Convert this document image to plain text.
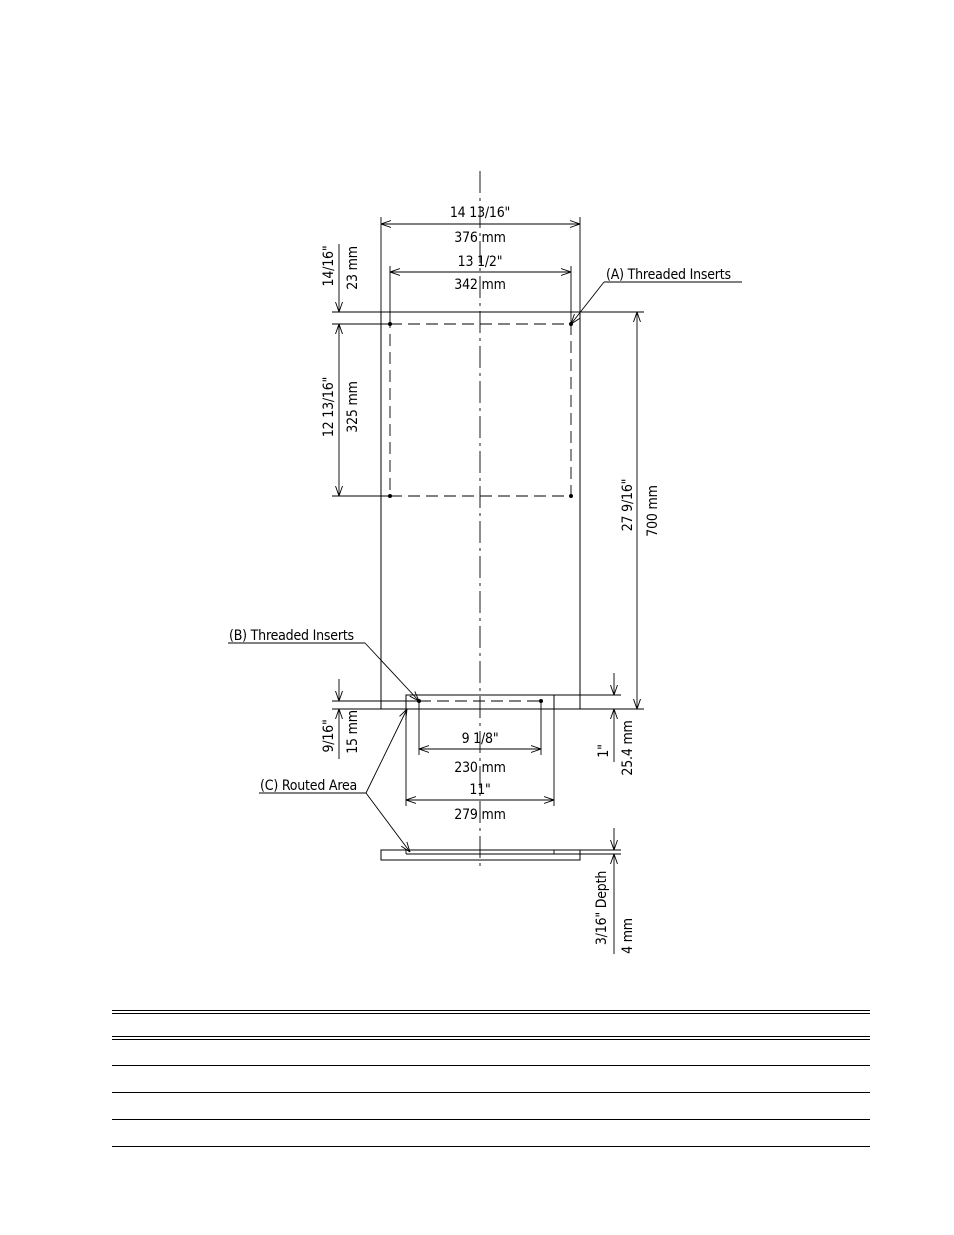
14 13/16"
376 mm
13 1/2"
342 mm
(A) Threaded Inserts
14/16" 23 mm
12 13/16" 325 mm
27 9/16" 700 mm
(B) Threaded Inserts
9/16" 15 mm	1" 25.4 mm
9 1/8"
230 mm
11"
279 mm
(C) Routed Area
3/16" Depth 4 mm
